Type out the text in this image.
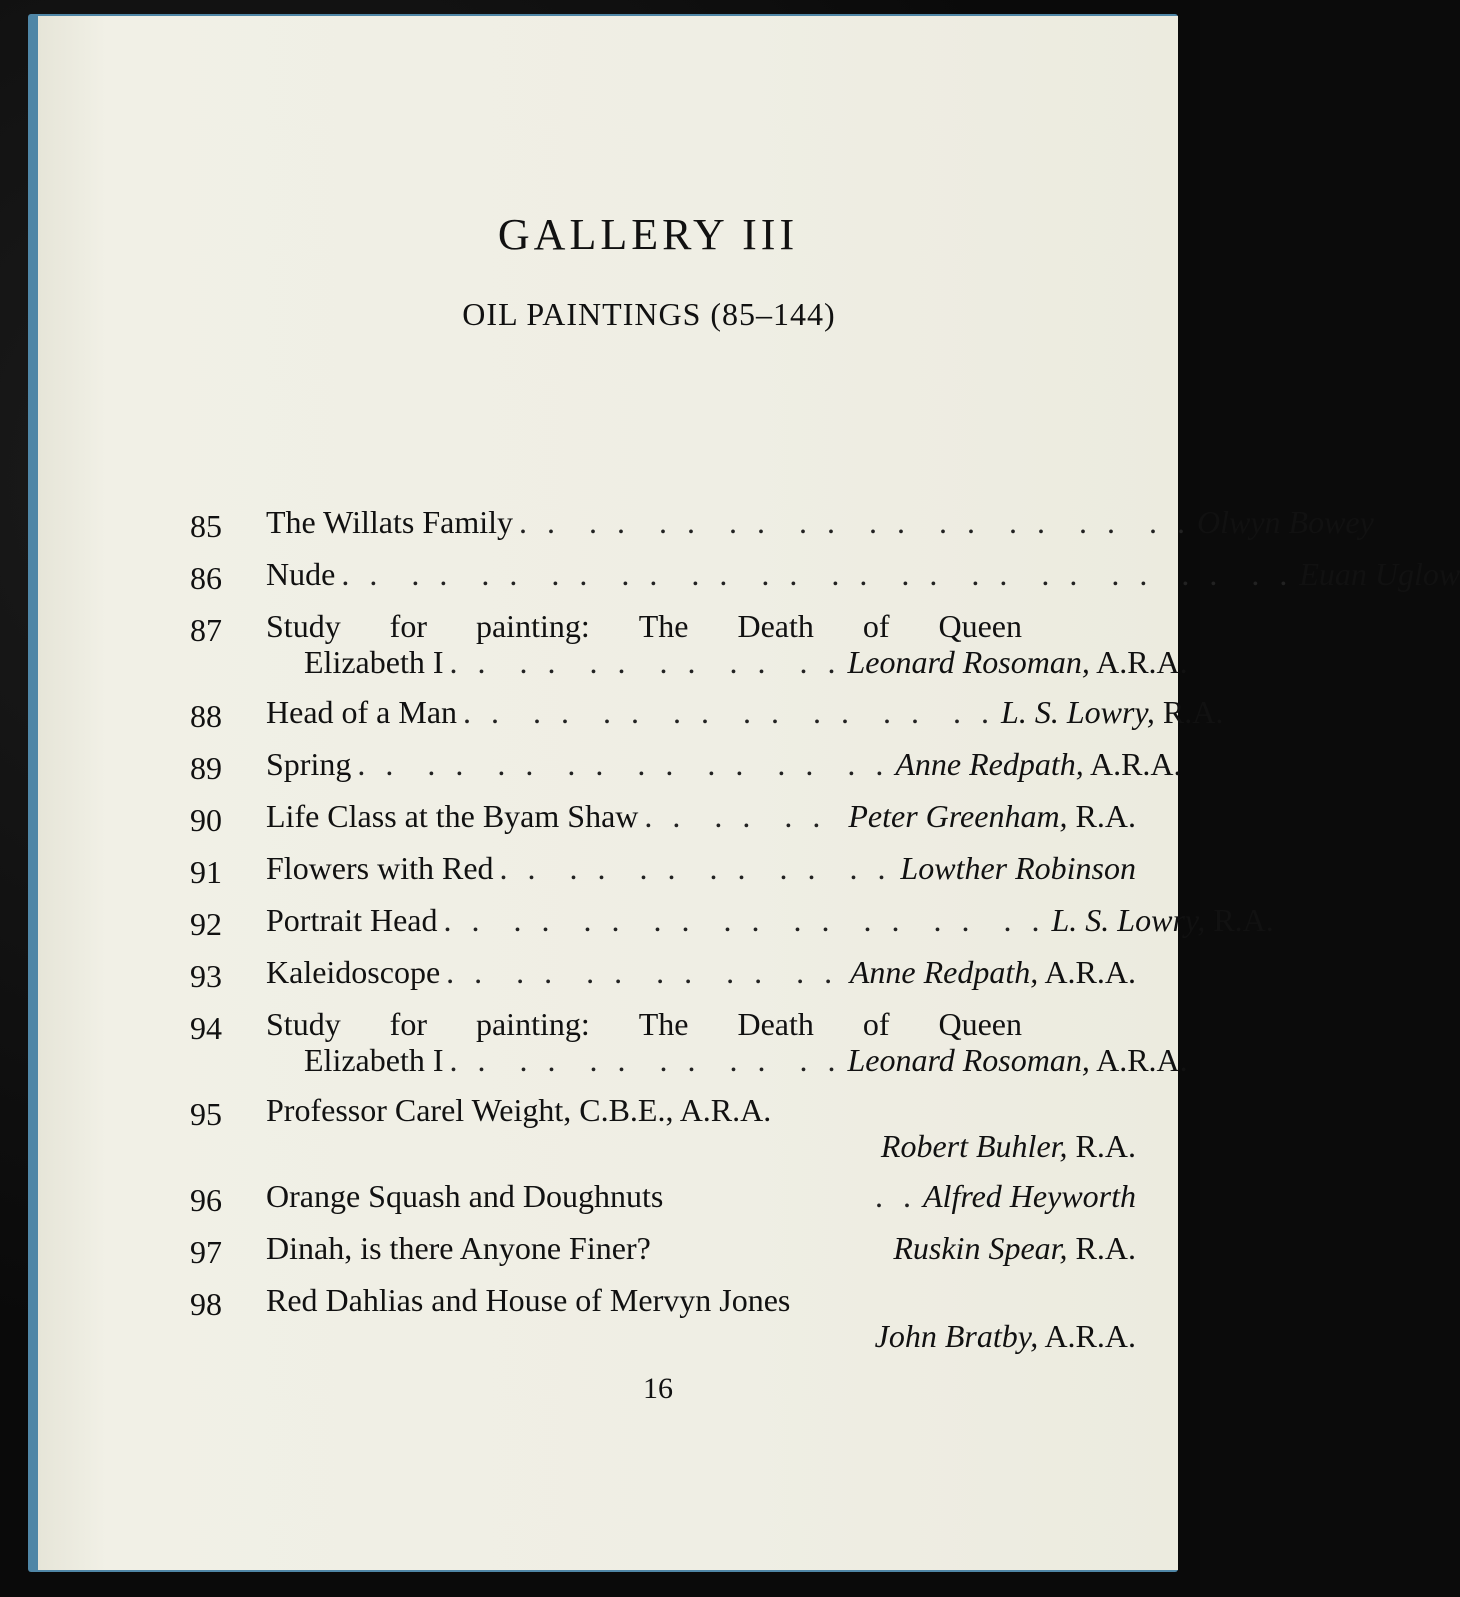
GALLERY III
OIL PAINTINGS (85–144)
85	The Willats Family . .  . .  . .  . .  . .  . .  . .  . .  . .  . . Olwyn Bowey
86	Nude . .  . .  . .  . .  . .  . .  . .  . .  . .  . .  . .  . .  . .  . . Euan Uglow
87	Study for painting: The Death of Queen
Elizabeth I . .  . .  . .  . .  . .  . . Leonard Rosoman, A.R.A.
88	Head of a Man . .  . .  . .  . .  . .  . .  . .  . . L. S. Lowry, R.A.
89	Spring . .  . .  . .  . .  . .  . .  . .  . . Anne Redpath, A.R.A.
90	Life Class at the Byam Shaw . .  . .  . . Peter Greenham, R.A.
91	Flowers with Red . .  . .  . .  . .  . .  . . Lowther Robinson
92	Portrait Head . .  . .  . .  . .  . .  . .  . .  . .  . . L. S. Lowry, R.A.
93	Kaleidoscope . .  . .  . .  . .  . .  . . Anne Redpath, A.R.A.
94	Study for painting: The Death of Queen
Elizabeth I . .  . .  . .  . .  . .  . . Leonard Rosoman, A.R.A.
95	Professor Carel Weight, C.B.E., A.R.A.
Robert Buhler, R.A.
96	Orange Squash and Doughnuts	. . Alfred Heyworth
97	Dinah, is there Anyone Finer?	Ruskin Spear, R.A.
98	Red Dahlias and House of Mervyn Jones
John Bratby, A.R.A.
16
